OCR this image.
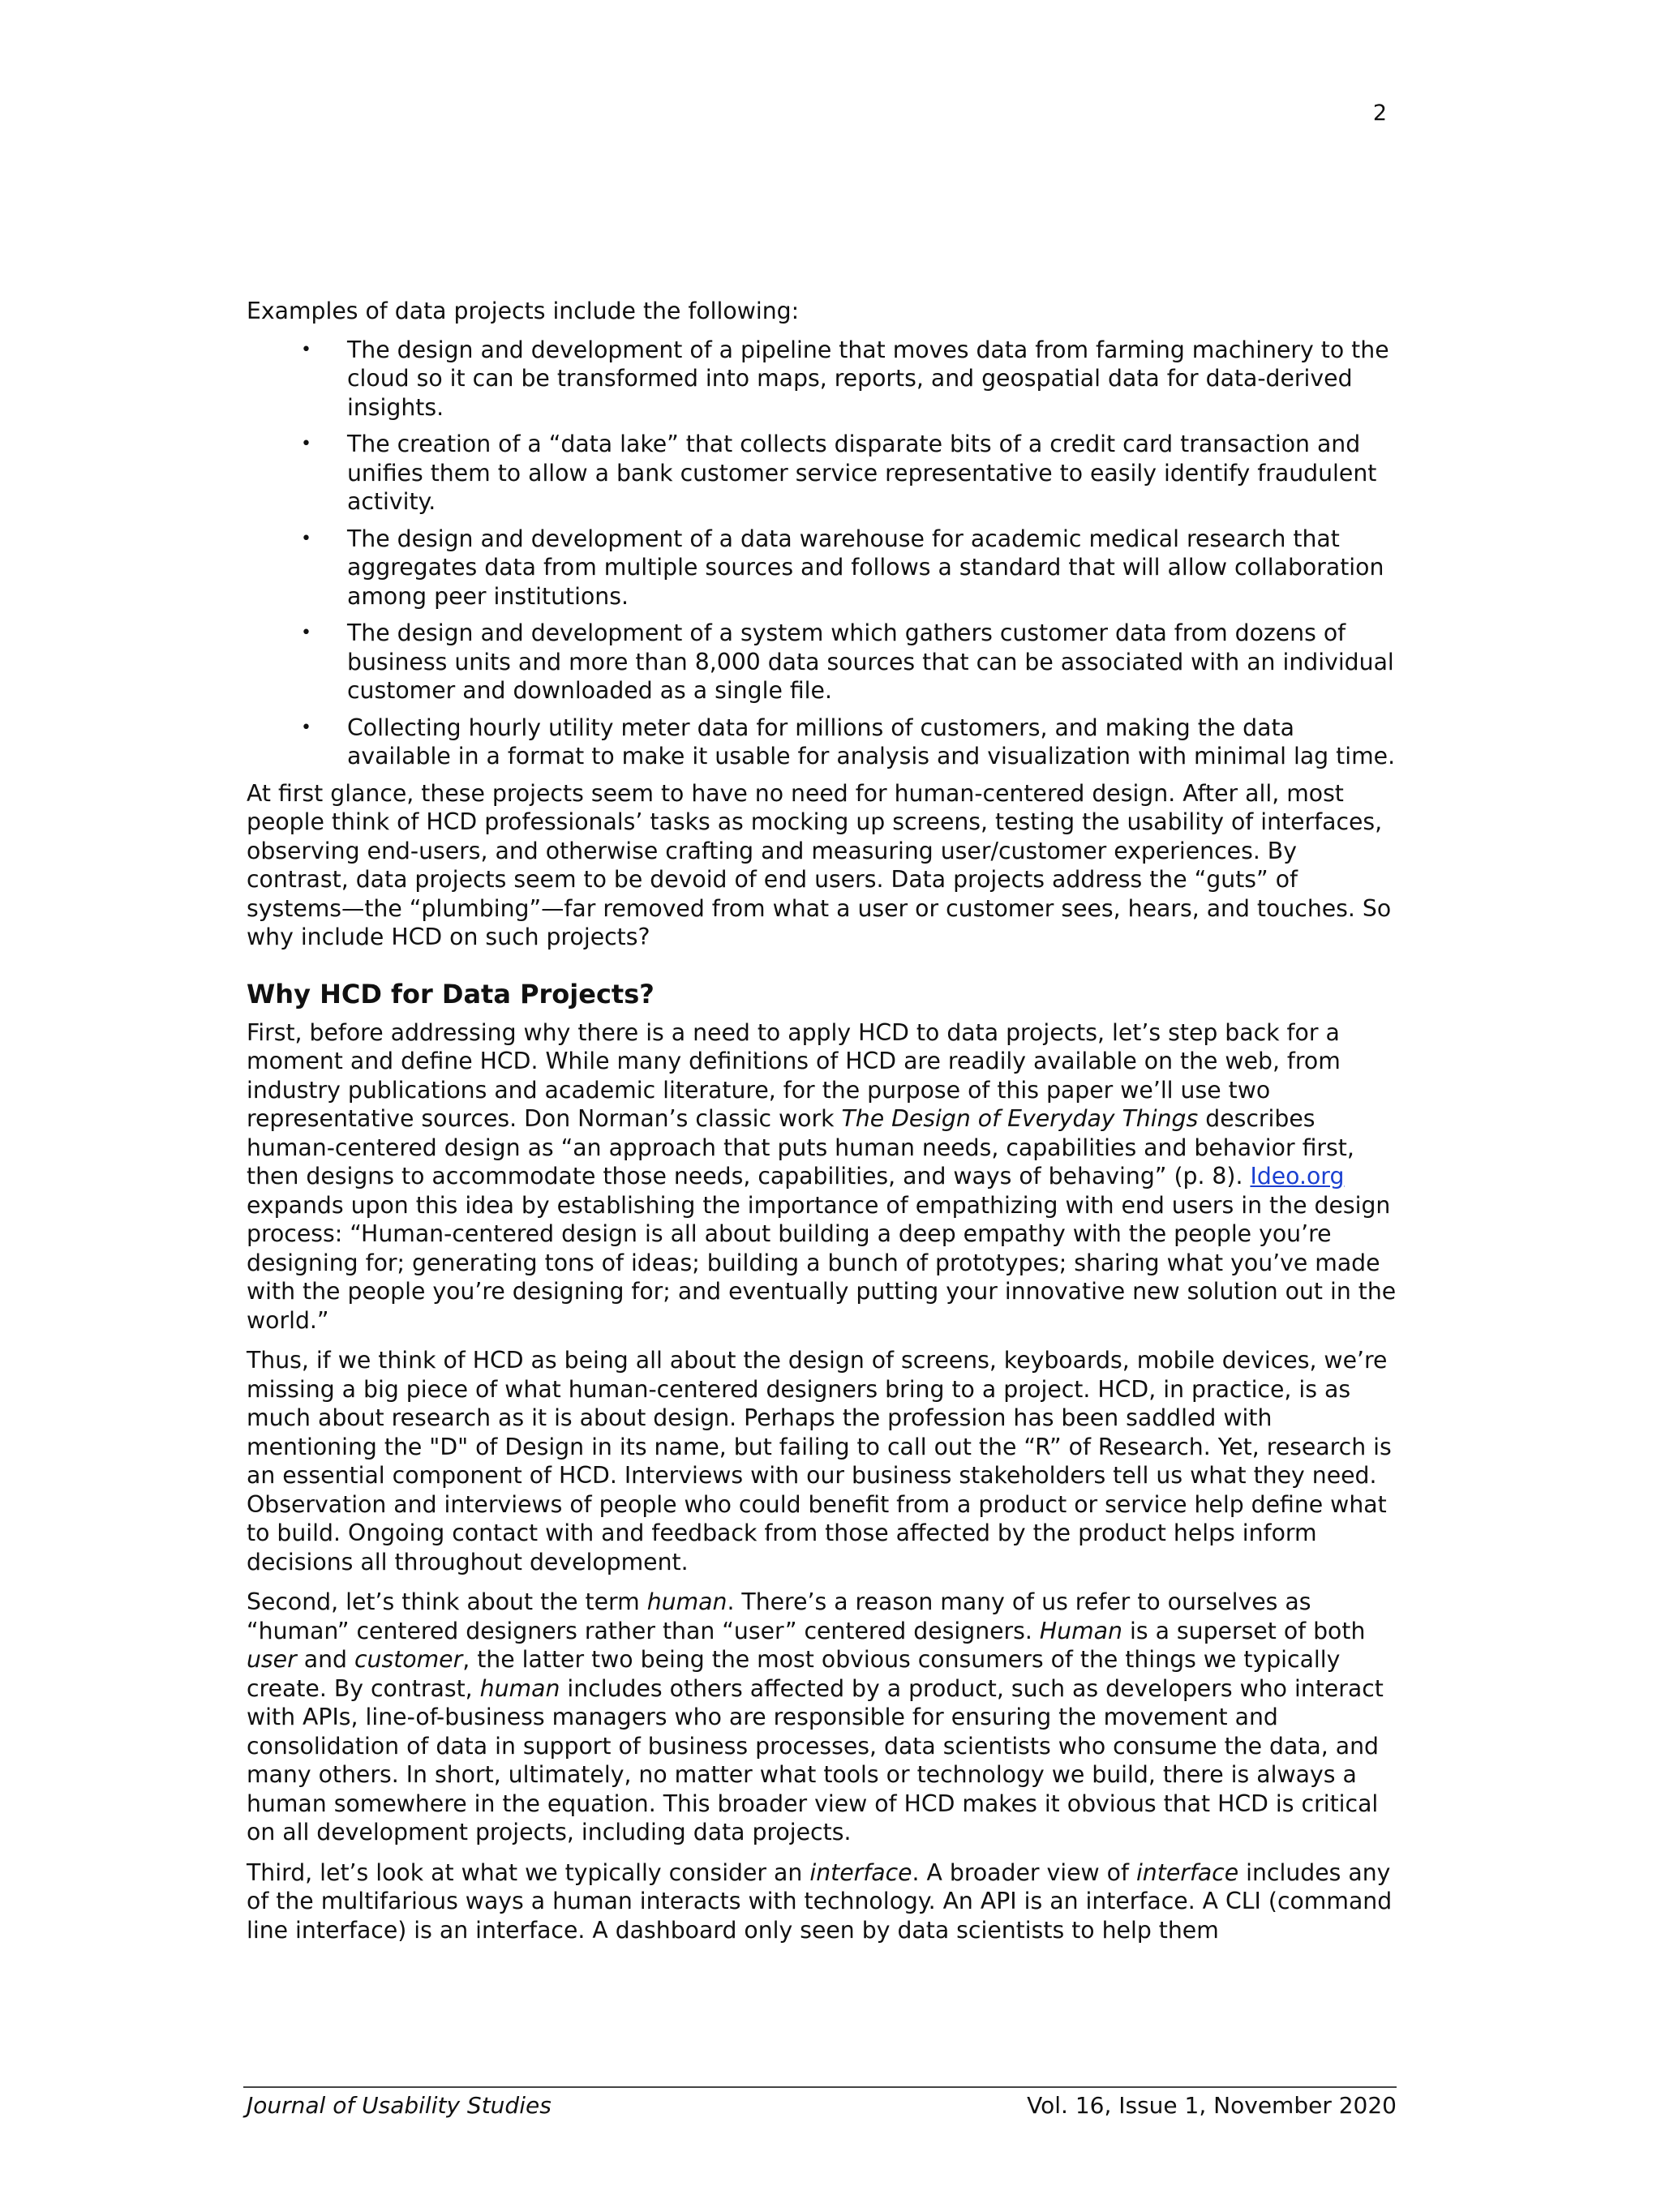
2

Examples of data projects include the following:

• The design and development of a pipeline that moves data from farming machinery to the cloud so it can be transformed into maps, reports, and geospatial data for data-derived insights.
• The creation of a “data lake” that collects disparate bits of a credit card transaction and unifies them to allow a bank customer service representative to easily identify fraudulent activity.
• The design and development of a data warehouse for academic medical research that aggregates data from multiple sources and follows a standard that will allow collaboration among peer institutions.
• The design and development of a system which gathers customer data from dozens of business units and more than 8,000 data sources that can be associated with an individual customer and downloaded as a single file.
• Collecting hourly utility meter data for millions of customers, and making the data available in a format to make it usable for analysis and visualization with minimal lag time.

At first glance, these projects seem to have no need for human-centered design. After all, most people think of HCD professionals’ tasks as mocking up screens, testing the usability of interfaces, observing end-users, and otherwise crafting and measuring user/customer experiences. By contrast, data projects seem to be devoid of end users. Data projects address the “guts” of systems—the “plumbing”—far removed from what a user or customer sees, hears, and touches. So why include HCD on such projects?

Why HCD for Data Projects?

First, before addressing why there is a need to apply HCD to data projects, let’s step back for a moment and define HCD. While many definitions of HCD are readily available on the web, from industry publications and academic literature, for the purpose of this paper we’ll use two representative sources. Don Norman’s classic work The Design of Everyday Things describes human-centered design as “an approach that puts human needs, capabilities and behavior first, then designs to accommodate those needs, capabilities, and ways of behaving” (p. 8). Ideo.org expands upon this idea by establishing the importance of empathizing with end users in the design process: “Human-centered design is all about building a deep empathy with the people you’re designing for; generating tons of ideas; building a bunch of prototypes; sharing what you’ve made with the people you’re designing for; and eventually putting your innovative new solution out in the world.”

Thus, if we think of HCD as being all about the design of screens, keyboards, mobile devices, we’re missing a big piece of what human-centered designers bring to a project. HCD, in practice, is as much about research as it is about design. Perhaps the profession has been saddled with mentioning the "D" of Design in its name, but failing to call out the “R” of Research. Yet, research is an essential component of HCD. Interviews with our business stakeholders tell us what they need. Observation and interviews of people who could benefit from a product or service help define what to build. Ongoing contact with and feedback from those affected by the product helps inform decisions all throughout development.

Second, let’s think about the term human. There’s a reason many of us refer to ourselves as “human” centered designers rather than “user” centered designers. Human is a superset of both user and customer, the latter two being the most obvious consumers of the things we typically create. By contrast, human includes others affected by a product, such as developers who interact with APIs, line-of-business managers who are responsible for ensuring the movement and consolidation of data in support of business processes, data scientists who consume the data, and many others. In short, ultimately, no matter what tools or technology we build, there is always a human somewhere in the equation. This broader view of HCD makes it obvious that HCD is critical on all development projects, including data projects.

Third, let’s look at what we typically consider an interface. A broader view of interface includes any of the multifarious ways a human interacts with technology. An API is an interface. A CLI (command line interface) is an interface. A dashboard only seen by data scientists to help them

Journal of Usability Studies	Vol. 16, Issue 1, November 2020
